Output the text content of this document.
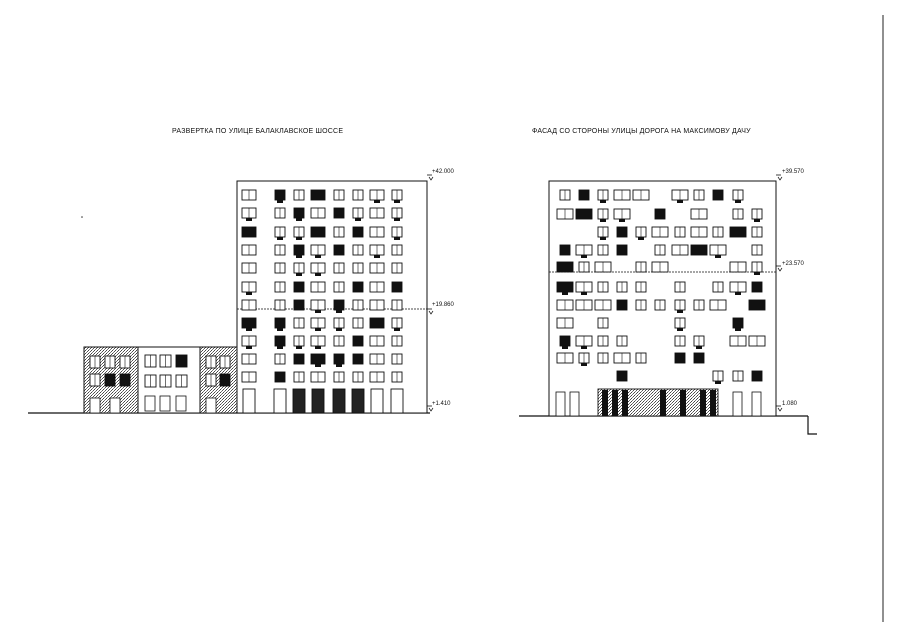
РАЗВЕРТКА ПО УЛИЦЕ БАЛАКЛАВСКОЕ ШОССЕ	ФАСАД СО СТОРОНЫ УЛИЦЫ ДОРОГА НА МАКСИМОВУ ДАЧУ
+42.000
+19.860
+1.410
+39.570
+23.570
1.080
